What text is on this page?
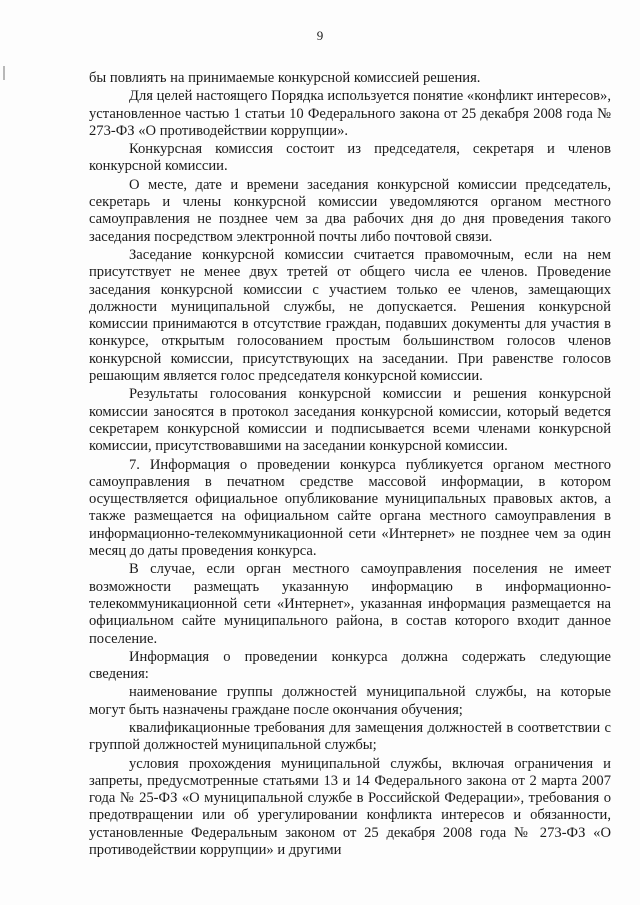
9

бы повлиять на принимаемые конкурсной комиссией решения.

Для целей настоящего Порядка используется понятие «конфликт интересов», установленное частью 1 статьи 10 Федерального закона от 25 декабря 2008 года № 273-ФЗ «О противодействии коррупции».

Конкурсная комиссия состоит из председателя, секретаря и членов конкурсной комиссии.

О месте, дате и времени заседания конкурсной комиссии председатель, секретарь и члены конкурсной комиссии уведомляются органом местного самоуправления не позднее чем за два рабочих дня до дня проведения такого заседания посредством электронной почты либо почтовой связи.

Заседание конкурсной комиссии считается правомочным, если на нем присутствует не менее двух третей от общего числа ее членов. Проведение заседания конкурсной комиссии с участием только ее членов, замещающих должности муниципальной службы, не допускается. Решения конкурсной комиссии принимаются в отсутствие граждан, подавших документы для участия в конкурсе, открытым голосованием простым большинством голосов членов конкурсной комиссии, присутствующих на заседании. При равенстве голосов решающим является голос председателя конкурсной комиссии.

Результаты голосования конкурсной комиссии и решения конкурсной комиссии заносятся в протокол заседания конкурсной комиссии, который ведется секретарем конкурсной комиссии и подписывается всеми членами конкурсной комиссии, присутствовавшими на заседании конкурсной комиссии.

7. Информация о проведении конкурса публикуется органом местного самоуправления в печатном средстве массовой информации, в котором осуществляется официальное опубликование муниципальных правовых актов, а также размещается на официальном сайте органа местного самоуправления в информационно-телекоммуникационной сети «Интернет» не позднее чем за один месяц до даты проведения конкурса.

В случае, если орган местного самоуправления поселения не имеет возможности размещать указанную информацию в информационно-телекоммуникационной сети «Интернет», указанная информация размещается на официальном сайте муниципального района, в состав которого входит данное поселение.

Информация о проведении конкурса должна содержать следующие сведения:

наименование группы должностей муниципальной службы, на которые могут быть назначены граждане после окончания обучения;

квалификационные требования для замещения должностей в соответствии с группой должностей муниципальной службы;

условия прохождения муниципальной службы, включая ограничения и запреты, предусмотренные статьями 13 и 14 Федерального закона от 2 марта 2007 года № 25-ФЗ «О муниципальной службе в Российской Федерации», требования о предотвращении или об урегулировании конфликта интересов и обязанности, установленные Федеральным законом от 25 декабря 2008 года № 273-ФЗ «О противодействии коррупции» и другими
